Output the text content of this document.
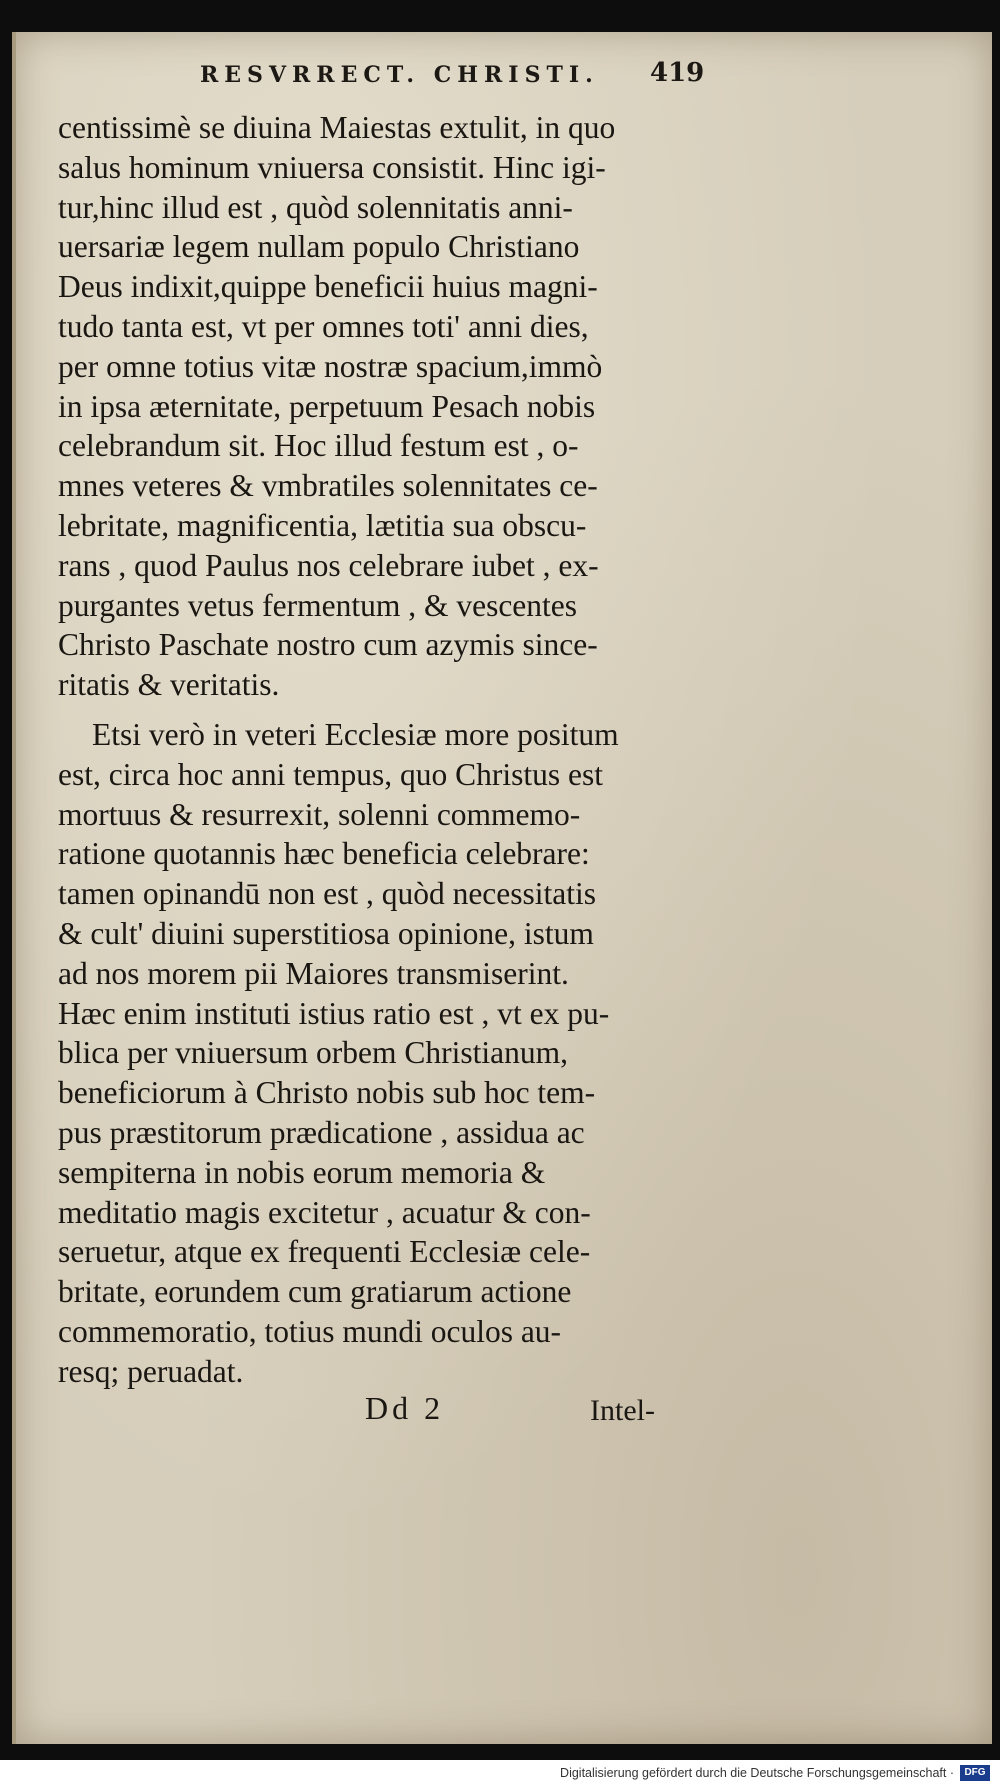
RESVRRECT. CHRISTI.	419
centissimè se diuina Maiestas extulit, in quo
salus hominum vniuersa consistit. Hinc igi-
tur,hinc illud est , quòd solennitatis anni-
uersariæ legem nullam populo Christiano
Deus indixit,quippe beneficii huius magni-
tudo tanta est, vt per omnes toti' anni dies,
per omne totius vitæ nostræ spacium,immò
in ipsa æternitate, perpetuum Pesach nobis
celebrandum sit. Hoc illud festum est , o-
mnes veteres & vmbratiles solennitates ce-
lebritate, magnificentia, lætitia sua obscu-
rans , quod Paulus nos celebrare iubet , ex-
purgantes vetus fermentum , & vescentes
Christo Paschate nostro cum azymis since-
ritatis & veritatis.
Etsi verò in veteri Ecclesiæ more positum
est, circa hoc anni tempus, quo Christus est
mortuus & resurrexit, solenni commemo-
ratione quotannis hæc beneficia celebrare:
tamen opinandū non est , quòd necessitatis
& cult' diuini superstitiosa opinione, istum
ad nos morem pii Maiores transmiserint.
Hæc enim instituti istius ratio est , vt ex pu-
blica per vniuersum orbem Christianum,
beneficiorum à Christo nobis sub hoc tem-
pus præstitorum prædicatione , assidua ac
sempiterna in nobis eorum memoria &
meditatio magis excitetur , acuatur & con-
seruetur, atque ex frequenti Ecclesiæ cele-
britate, eorundem cum gratiarum actione
commemoratio, totius mundi oculos au-
resq; peruadat.
Dd 2	Intel-
Digitalisierung gefördert durch die Deutsche Forschungsgemeinschaft ·	DFG
